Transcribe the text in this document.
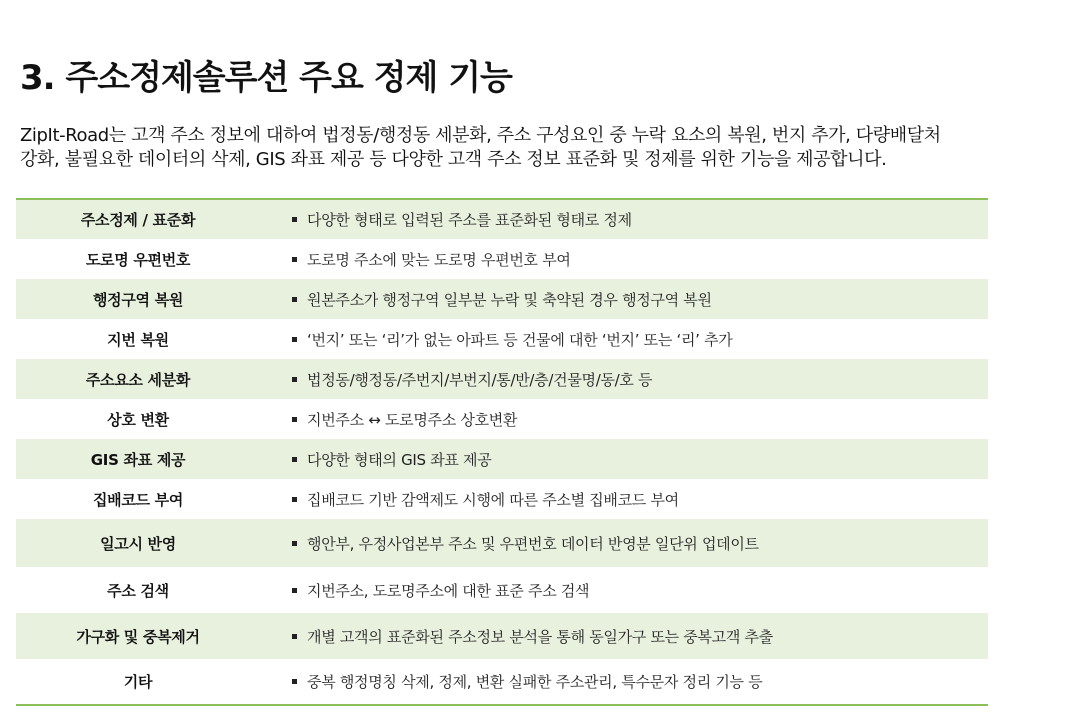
3. 주소정제솔루션 주요 정제 기능

ZipIt-Road는 고객 주소 정보에 대하여 법정동/행정동 세분화, 주소 구성요인 중 누락 요소의 복원, 번지 추가, 다량배달처
강화, 불필요한 데이터의 삭제, GIS 좌표 제공 등 다양한 고객 주소 정보 표준화 및 정제를 위한 기능을 제공합니다.

주소정제 / 표준화	다양한 형태로 입력된 주소를 표준화된 형태로 정제
도로명 우편번호	도로명 주소에 맞는 도로명 우편번호 부여
행정구역 복원	원본주소가 행정구역 일부분 누락 및 축약된 경우 행정구역 복원
지번 복원	‘번지’ 또는 ‘리’가 없는 아파트 등 건물에 대한 ‘번지’ 또는 ‘리’ 추가
주소요소 세분화	법정동/행정동/주번지/부번지/통/반/층/건물명/동/호 등
상호 변환	지번주소 ↔ 도로명주소 상호변환
GIS 좌표 제공	다양한 형태의 GIS 좌표 제공
집배코드 부여	집배코드 기반 감액제도 시행에 따른 주소별 집배코드 부여
일고시 반영	행안부, 우정사업본부 주소 및 우편번호 데이터 반영분 일단위 업데이트
주소 검색	지번주소, 도로명주소에 대한 표준 주소 검색
가구화 및 중복제거	개별 고객의 표준화된 주소정보 분석을 통해 동일가구 또는 중복고객 추출
기타	중복 행정명칭 삭제, 정제, 변환 실패한 주소관리, 특수문자 정리 기능 등
